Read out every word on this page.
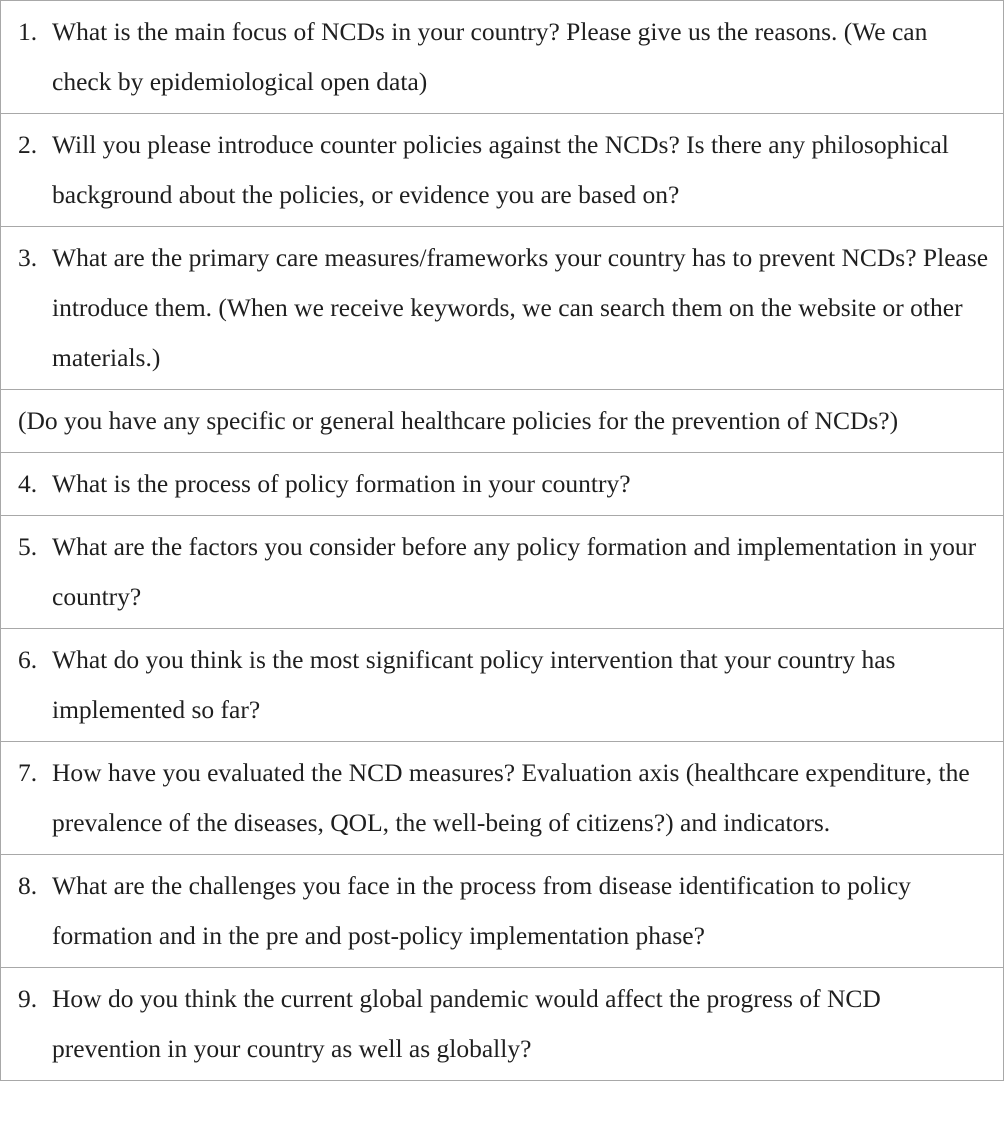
1. What is the main focus of NCDs in your country? Please give us the reasons. (We can check by epidemiological open data)

2. Will you please introduce counter policies against the NCDs? Is there any philosophical background about the policies, or evidence you are based on?

3. What are the primary care measures/frameworks your country has to prevent NCDs? Please introduce them. (When we receive keywords, we can search them on the website or other materials.)

(Do you have any specific or general healthcare policies for the prevention of NCDs?)

4. What is the process of policy formation in your country?

5. What are the factors you consider before any policy formation and implementation in your country?

6. What do you think is the most significant policy intervention that your country has implemented so far?

7. How have you evaluated the NCD measures? Evaluation axis (healthcare expenditure, the prevalence of the diseases, QOL, the well-being of citizens?) and indicators.

8. What are the challenges you face in the process from disease identification to policy formation and in the pre and post-policy implementation phase?

9. How do you think the current global pandemic would affect the progress of NCD prevention in your country as well as globally?
